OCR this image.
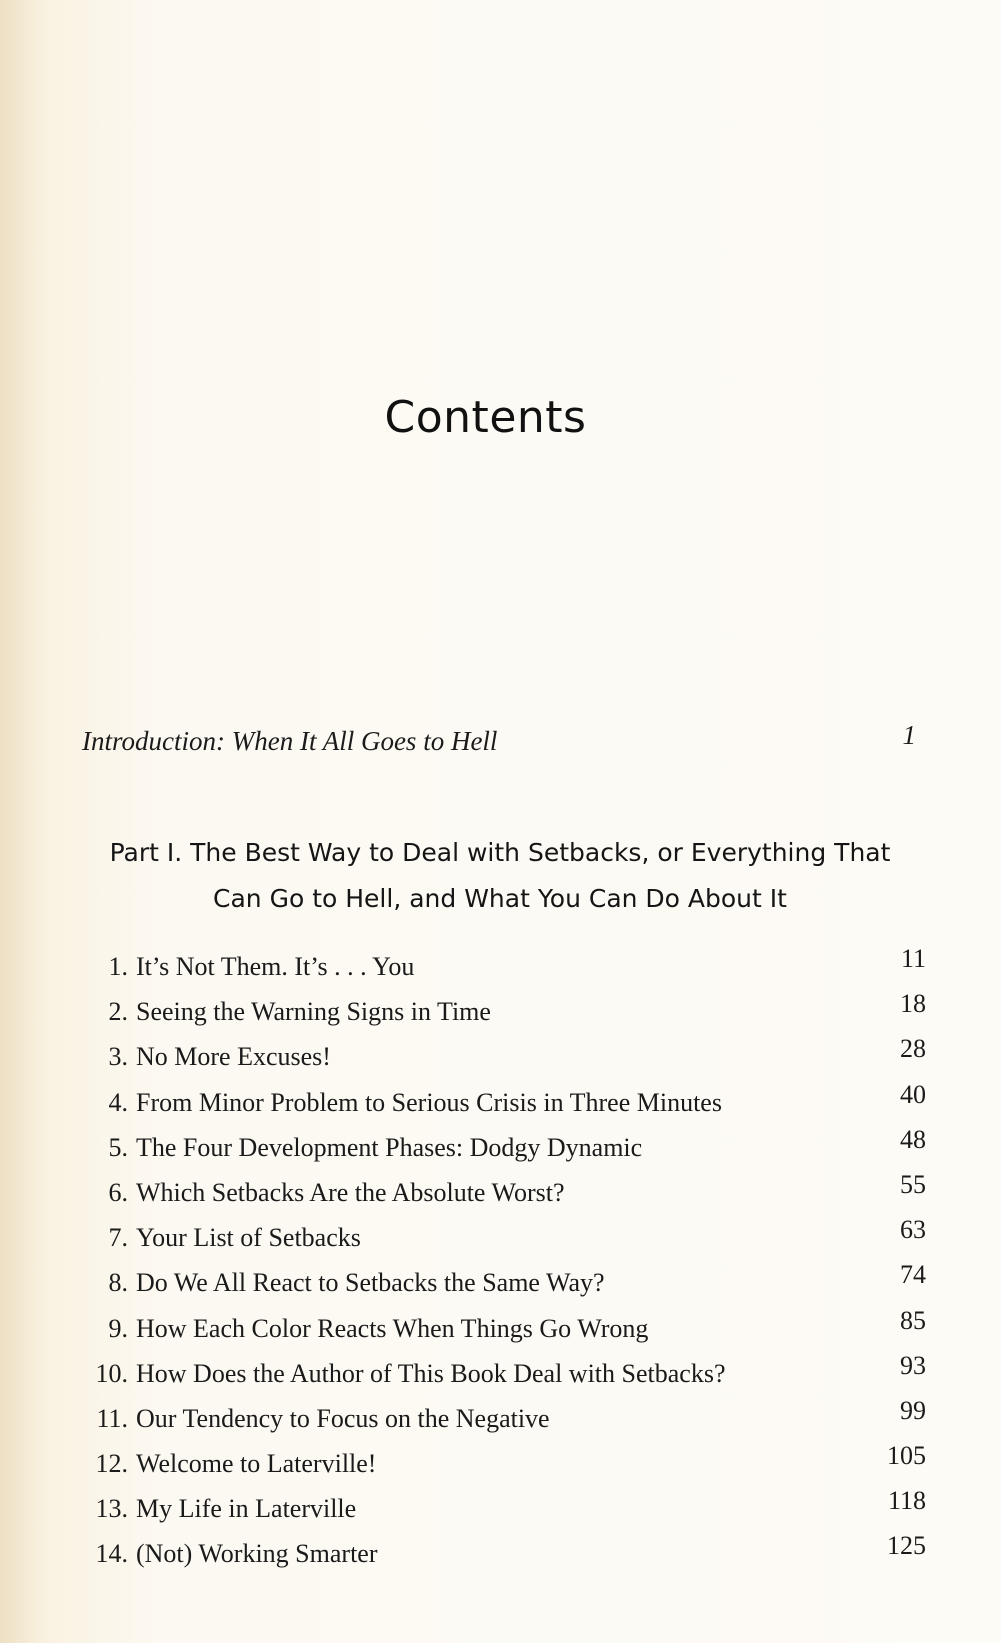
Contents
Introduction: When It All Goes to Hell	1
Part I. The Best Way to Deal with Setbacks, or Everything That
Can Go to Hell, and What You Can Do About It
1. It’s Not Them. It’s . . . You	11
2. Seeing the Warning Signs in Time	18
3. No More Excuses!	28
4. From Minor Problem to Serious Crisis in Three Minutes	40
5. The Four Development Phases: Dodgy Dynamic	48
6. Which Setbacks Are the Absolute Worst?	55
7. Your List of Setbacks	63
8. Do We All React to Setbacks the Same Way?	74
9. How Each Color Reacts When Things Go Wrong	85
10. How Does the Author of This Book Deal with Setbacks?	93
11. Our Tendency to Focus on the Negative	99
12. Welcome to Laterville!	105
13. My Life in Laterville	118
14. (Not) Working Smarter	125
